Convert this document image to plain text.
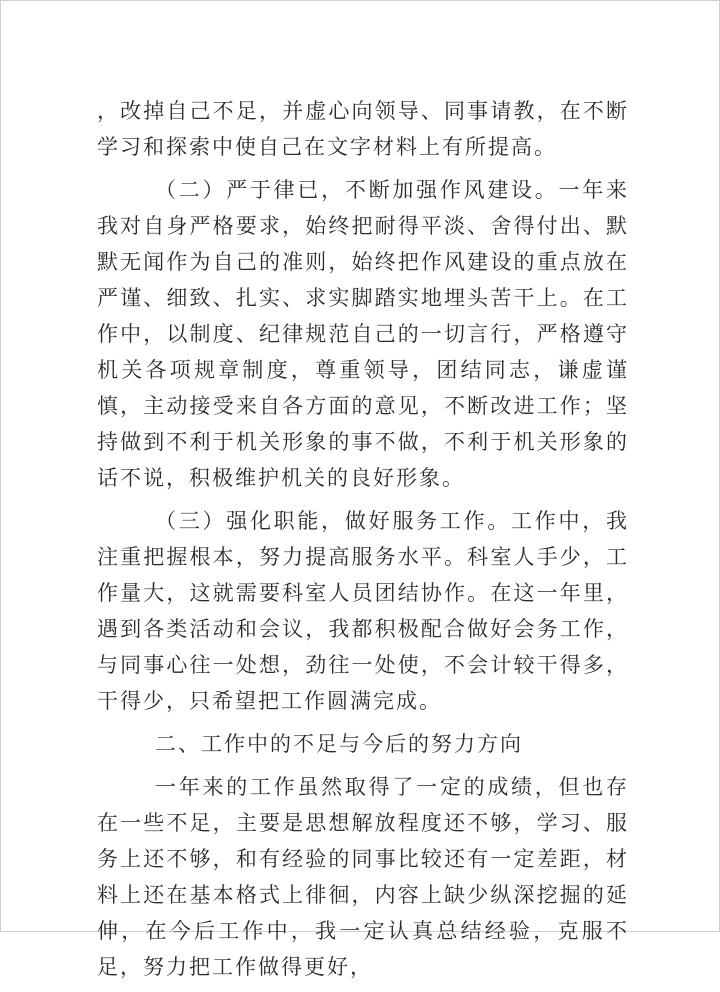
，改掉自己不足，并虚心向领导、同事请教，在不断学习和探索中使自己在文字材料上有所提高。

（二）严于律已，不断加强作风建设。一年来我对自身严格要求，始终把耐得平淡、舍得付出、默默无闻作为自己的准则，始终把作风建设的重点放在严谨、细致、扎实、求实脚踏实地埋头苦干上。在工作中，以制度、纪律规范自己的一切言行，严格遵守机关各项规章制度，尊重领导，团结同志，谦虚谨慎，主动接受来自各方面的意见，不断改进工作；坚持做到不利于机关形象的事不做，不利于机关形象的话不说，积极维护机关的良好形象。

（三）强化职能，做好服务工作。工作中，我注重把握根本，努力提高服务水平。科室人手少，工作量大，这就需要科室人员团结协作。在这一年里，遇到各类活动和会议，我都积极配合做好会务工作，与同事心往一处想，劲往一处使，不会计较干得多，干得少，只希望把工作圆满完成。

二、工作中的不足与今后的努力方向

一年来的工作虽然取得了一定的成绩，但也存在一些不足，主要是思想解放程度还不够，学习、服务上还不够，和有经验的同事比较还有一定差距，材料上还在基本格式上徘徊，内容上缺少纵深挖掘的延伸，在今后工作中，我一定认真总结经验，克服不足，努力把工作做得更好，
